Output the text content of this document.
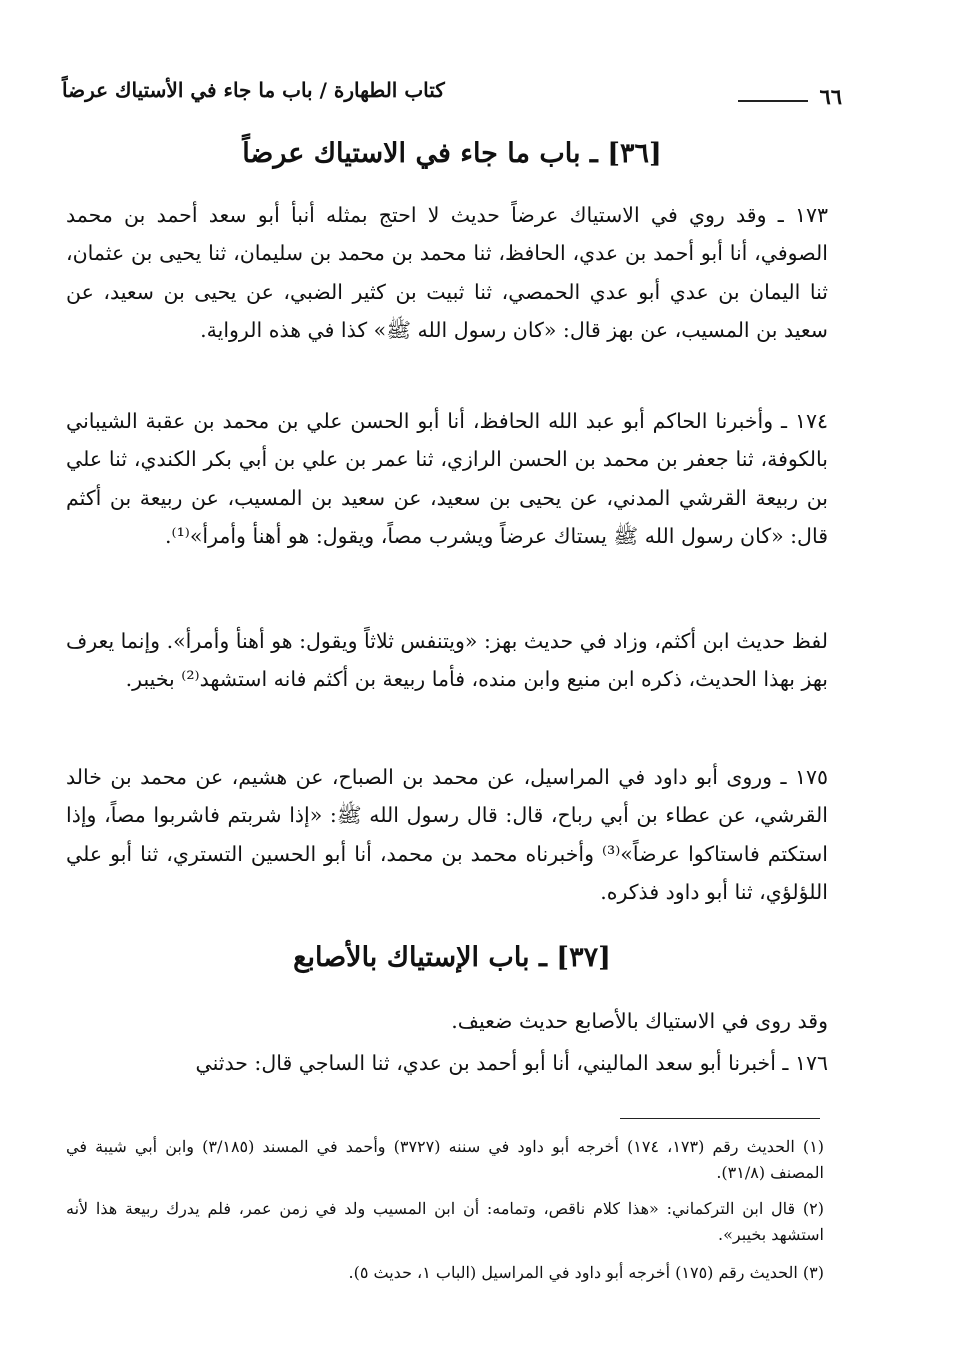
٦٦
كتاب الطهارة / باب ما جاء في الأستياك عرضاً
[٣٦] ـ باب ما جاء في الاستياك عرضاً
١٧٣ ـ وقد روي في الاستياك عرضاً حديث لا احتج بمثله أنبأ أبو سعد أحمد بن محمد الصوفي، أنا أبو أحمد بن عدي، الحافظ، ثنا محمد بن محمد بن سليمان، ثنا يحيى بن عثمان، ثنا اليمان بن عدي أبو عدي الحمصي، ثنا ثبيت بن كثير الضبي، عن يحيى بن سعيد، عن سعيد بن المسيب، عن بهز قال: «كان رسول الله ﷺ» كذا في هذه الرواية.
١٧٤ ـ وأخبرنا الحاكم أبو عبد الله الحافظ، أنا أبو الحسن علي بن محمد بن عقبة الشيباني بالكوفة، ثنا جعفر بن محمد بن الحسن الرازي، ثنا عمر بن علي بن أبي بكر الكندي، ثنا علي بن ربيعة القرشي المدني، عن يحيى بن سعيد، عن سعيد بن المسيب، عن ربيعة بن أكثم قال: «كان رسول الله ﷺ يستاك عرضاً ويشرب مصاً، ويقول: هو أهنأ وأمرأ»⁽¹⁾.
لفظ حديث ابن أكثم، وزاد في حديث بهز: «ويتنفس ثلاثاً ويقول: هو أهنأ وأمرأ». وإنما يعرف بهز بهذا الحديث، ذكره ابن منيع وابن منده، فأما ربيعة بن أكثم فانه استشهد⁽²⁾ بخيبر.
١٧٥ ـ وروى أبو داود في المراسيل، عن محمد بن الصباح، عن هشيم، عن محمد بن خالد القرشي، عن عطاء بن أبي رباح، قال: قال رسول الله ﷺ: «إذا شربتم فاشربوا مصاً، وإذا استكتم فاستاكوا عرضاً»⁽³⁾ وأخبرناه محمد بن محمد، أنا أبو الحسين التستري، ثنا أبو علي اللؤلؤي، ثنا أبو داود فذكره.
[٣٧] ـ باب الإستياك بالأصابع
وقد روى في الاستياك بالأصابع حديث ضعيف.
١٧٦ ـ أخبرنا أبو سعد الماليني، أنا أبو أحمد بن عدي، ثنا الساجي قال: حدثني
(١) الحديث رقم (١٧٣، ١٧٤) أخرجه أبو داود في سننه (٣٧٢٧) وأحمد في المسند (٣/١٨٥) وابن أبي شيبة في المصنف (٣١/٨).
(٢) قال ابن التركماني: «هذا كلام ناقص، وتمامه: أن ابن المسيب ولد في زمن عمر، فلم يدرك ربيعة هذا لأنه استشهد بخيبر».
(٣) الحديث رقم (١٧٥) أخرجه أبو داود في المراسيل (الباب ١، حديث ٥).
